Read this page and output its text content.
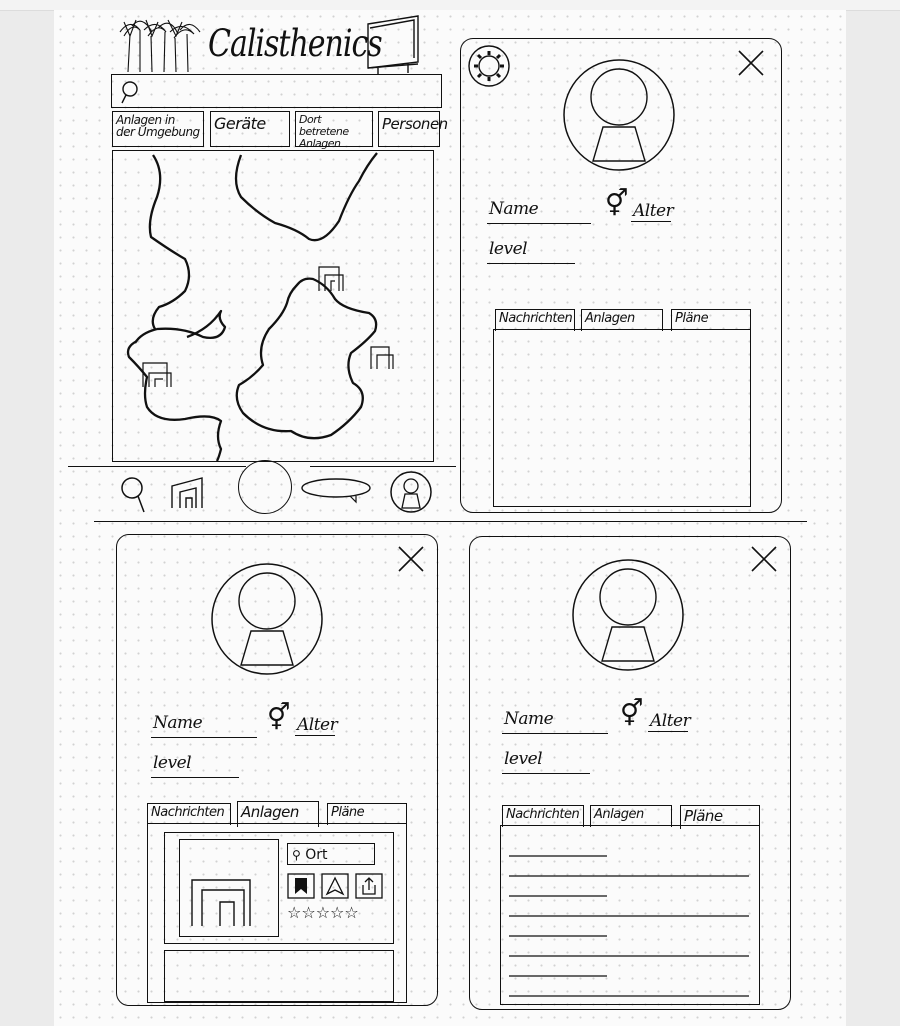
Calisthenics
Anlagen in
der Umgebung Geräte	Dort betretene
Anlagen
Personen
Name	⚥ Alter
level
Nachrichten Anlagen	Pläne
Name ⚥ Alter
level
Nachrichten	Anlagen	Pläne
⚲ Ort
☆☆☆☆☆
Name	⚥ Alter
level
Nachrichten	Anlagen	Pläne
